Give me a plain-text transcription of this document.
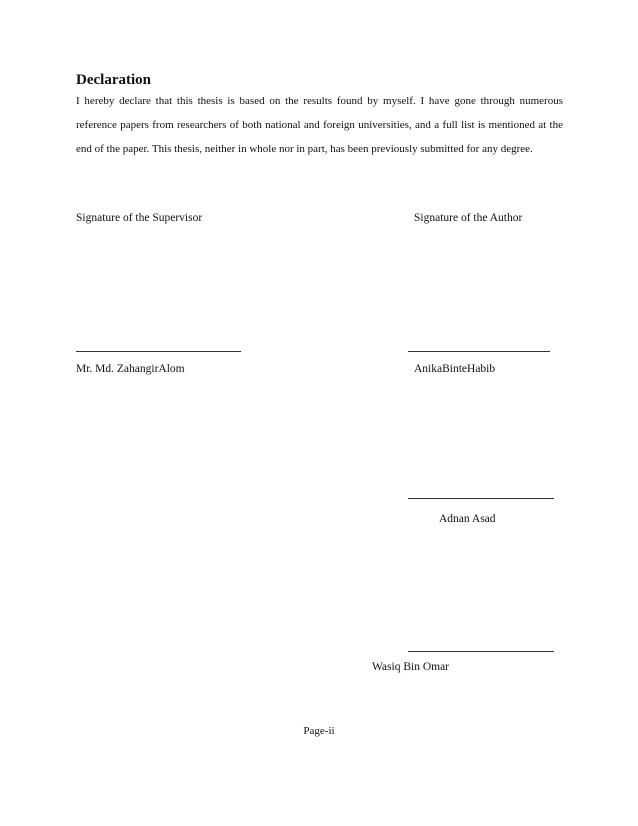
Declaration
I hereby declare that this thesis is based on the results found by myself. I have gone through numerous reference papers from researchers of both national and foreign universities, and a full list is mentioned at the end of the paper. This thesis, neither in whole nor in part, has been previously submitted for any degree.
Signature of the Supervisor	Signature of the Author
Mr. Md. ZahangirAlom	AnikaBinteHabib
Adnan Asad
Wasiq Bin Omar
Page-ii
